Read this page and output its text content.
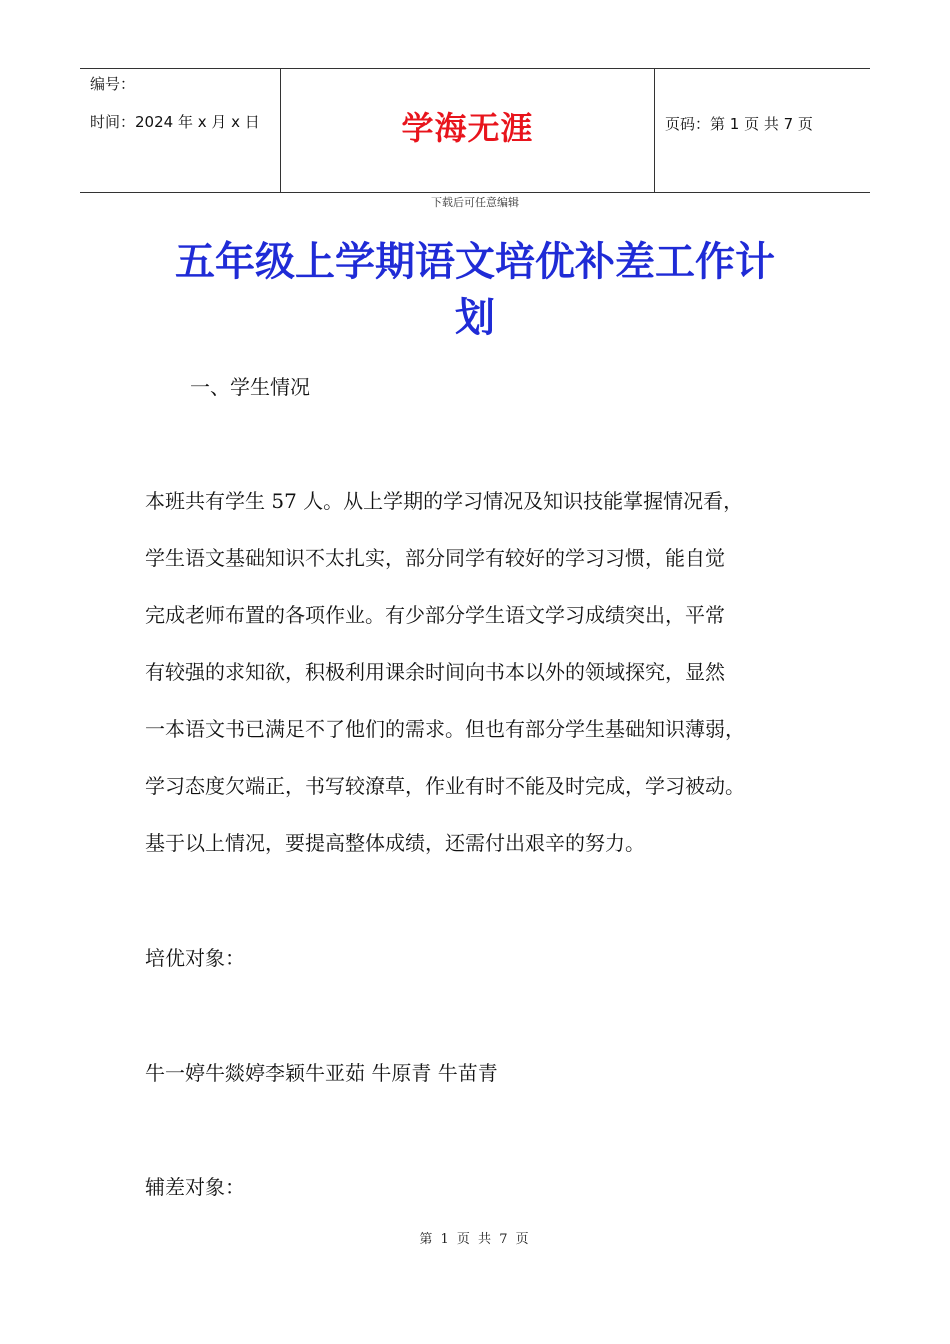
编号：
时间：2024 年 x 月 x 日	学海无涯	页码：第 1 页 共 7 页
下载后可任意编辑
五年级上学期语文培优补差工作计
划
一、学生情况
本班共有学生 57 人。从上学期的学习情况及知识技能掌握情况看，
学生语文基础知识不太扎实，部分同学有较好的学习习惯，能自觉
完成老师布置的各项作业。有少部分学生语文学习成绩突出，平常
有较强的求知欲，积极利用课余时间向书本以外的领域探究，显然
一本语文书已满足不了他们的需求。但也有部分学生基础知识薄弱，
学习态度欠端正，书写较潦草，作业有时不能及时完成，学习被动。
基于以上情况，要提高整体成绩，还需付出艰辛的努力。
培优对象：
牛一婷牛燚婷李颖牛亚茹 牛原青 牛苗青
辅差对象：
第 1 页 共 7 页
